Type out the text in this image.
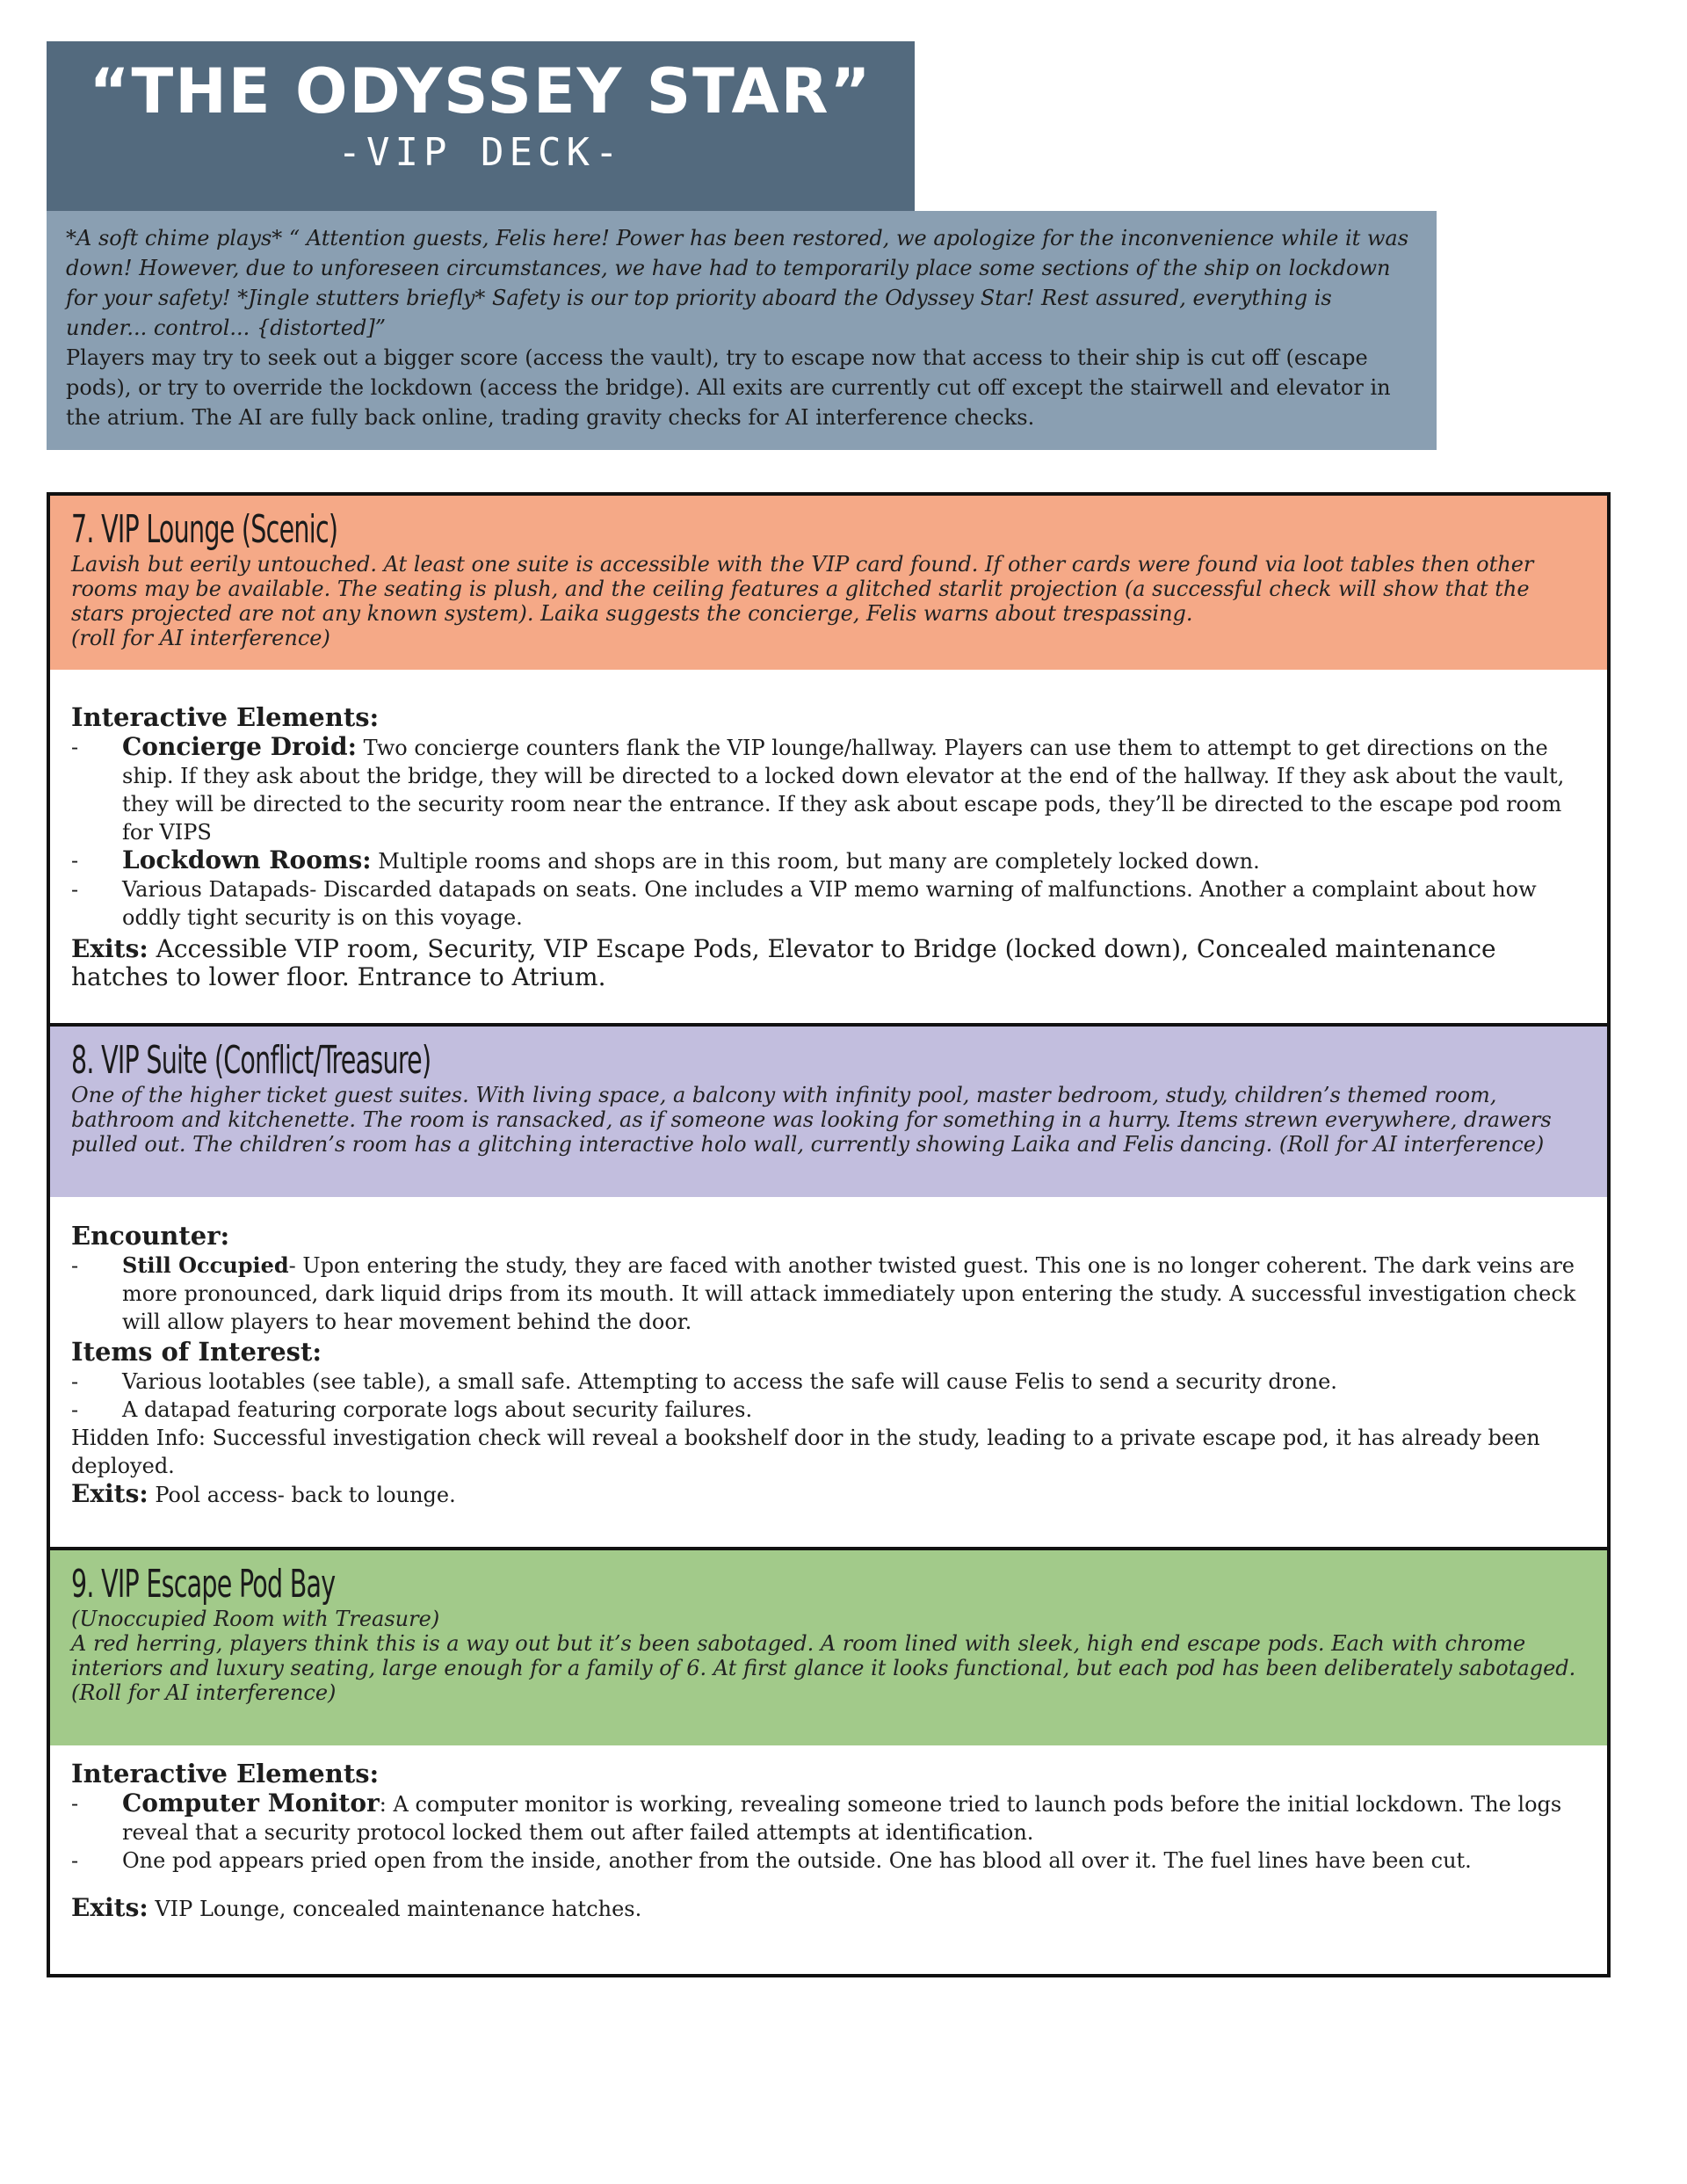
“THE ODYSSEY STAR”
-VIP DECK-
*A soft chime plays* “ Attention guests, Felis here! Power has been restored, we apologize for the inconvenience while it was down! However, due to unforeseen circumstances, we have had to temporarily place some sections of the ship on lockdown for your safety! *Jingle stutters briefly* Safety is our top priority aboard the Odyssey Star! Rest assured, everything is under... control... {distorted]”
Players may try to seek out a bigger score (access the vault), try to escape now that access to their ship is cut off (escape pods), or try to override the lockdown (access the bridge). All exits are currently cut off except the stairwell and elevator in the atrium. The AI are fully back online, trading gravity checks for AI interference checks.
7. VIP Lounge (Scenic)
Lavish but eerily untouched. At least one suite is accessible with the VIP card found. If other cards were found via loot tables then other rooms may be available. The seating is plush, and the ceiling features a glitched starlit projection (a successful check will show that the stars projected are not any known system). Laika suggests the concierge, Felis warns about trespassing.
(roll for AI interference)
Interactive Elements:
- Concierge Droid: Two concierge counters flank the VIP lounge/hallway. Players can use them to attempt to get directions on the ship. If they ask about the bridge, they will be directed to a locked down elevator at the end of the hallway. If they ask about the vault, they will be directed to the security room near the entrance. If they ask about escape pods, they’ll be directed to the escape pod room for VIPS
- Lockdown Rooms: Multiple rooms and shops are in this room, but many are completely locked down.
- Various Datapads- Discarded datapads on seats. One includes a VIP memo warning of malfunctions. Another a complaint about how oddly tight security is on this voyage.
Exits: Accessible VIP room, Security, VIP Escape Pods, Elevator to Bridge (locked down), Concealed maintenance hatches to lower floor. Entrance to Atrium.
8. VIP Suite (Conflict/Treasure)
One of the higher ticket guest suites. With living space, a balcony with infinity pool, master bedroom, study, children’s themed room, bathroom and kitchenette. The room is ransacked, as if someone was looking for something in a hurry. Items strewn everywhere, drawers pulled out. The children’s room has a glitching interactive holo wall, currently showing Laika and Felis dancing. (Roll for AI interference)
Encounter:
- Still Occupied- Upon entering the study, they are faced with another twisted guest. This one is no longer coherent. The dark veins are more pronounced, dark liquid drips from its mouth. It will attack immediately upon entering the study. A successful investigation check will allow players to hear movement behind the door.
Items of Interest:
- Various lootables (see table), a small safe. Attempting to access the safe will cause Felis to send a security drone.
- A datapad featuring corporate logs about security failures.
Hidden Info: Successful investigation check will reveal a bookshelf door in the study, leading to a private escape pod, it has already been deployed.
Exits: Pool access- back to lounge.
9. VIP Escape Pod Bay
(Unoccupied Room with Treasure)
A red herring, players think this is a way out but it’s been sabotaged. A room lined with sleek, high end escape pods. Each with chrome interiors and luxury seating, large enough for a family of 6. At first glance it looks functional, but each pod has been deliberately sabotaged.
(Roll for AI interference)
Interactive Elements:
- Computer Monitor: A computer monitor is working, revealing someone tried to launch pods before the initial lockdown. The logs reveal that a security protocol locked them out after failed attempts at identification.
- One pod appears pried open from the inside, another from the outside. One has blood all over it. The fuel lines have been cut.
Exits: VIP Lounge, concealed maintenance hatches.
